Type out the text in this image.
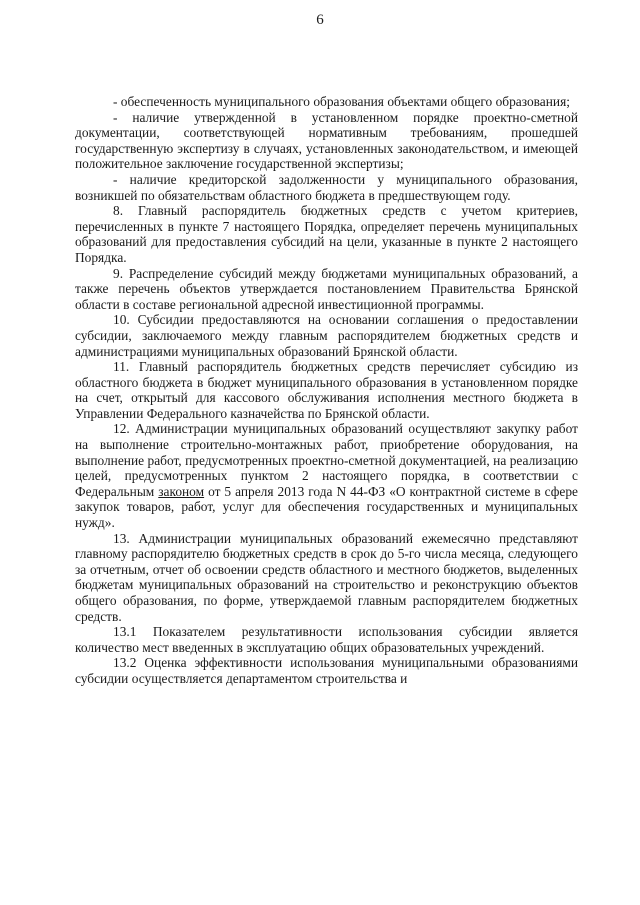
6

- обеспеченность муниципального образования объектами общего образования;

- наличие утвержденной в установленном порядке проектно-сметной документации, соответствующей нормативным требованиям, прошедшей государственную экспертизу в случаях, установленных законодательством, и имеющей положительное заключение государственной экспертизы;

- наличие кредиторской задолженности у муниципального образования, возникшей по обязательствам областного бюджета в предшествующем году.

8. Главный распорядитель бюджетных средств с учетом критериев, перечисленных в пункте 7 настоящего Порядка, определяет перечень муниципальных образований для предоставления субсидий на цели, указанные в пункте 2 настоящего Порядка.

9. Распределение субсидий между бюджетами муниципальных образований, а также перечень объектов утверждается постановлением Правительства Брянской области в составе региональной адресной инвестиционной программы.

10. Субсидии предоставляются на основании соглашения о предоставлении субсидии, заключаемого между главным распорядителем бюджетных средств и администрациями муниципальных образований Брянской области.

11. Главный распорядитель бюджетных средств перечисляет субсидию из областного бюджета в бюджет муниципального образования в установленном порядке на счет, открытый для кассового обслуживания исполнения местного бюджета в Управлении Федерального казначейства по Брянской области.

12. Администрации муниципальных образований осуществляют закупку работ на выполнение строительно-монтажных работ, приобретение оборудования, на выполнение работ, предусмотренных проектно-сметной документацией, на реализацию целей, предусмотренных пунктом 2 настоящего порядка, в соответствии с Федеральным законом от 5 апреля 2013 года N 44-ФЗ «О контрактной системе в сфере закупок товаров, работ, услуг для обеспечения государственных и муниципальных нужд».

13. Администрации муниципальных образований ежемесячно представляют главному распорядителю бюджетных средств в срок до 5-го числа месяца, следующего за отчетным, отчет об освоении средств областного и местного бюджетов, выделенных бюджетам муниципальных образований на строительство и реконструкцию объектов общего образования, по форме, утверждаемой главным распорядителем бюджетных средств.

13.1 Показателем результативности использования субсидии является количество мест введенных в эксплуатацию общих образовательных учреждений.

13.2 Оценка эффективности использования муниципальными образованиями субсидии осуществляется департаментом строительства и
